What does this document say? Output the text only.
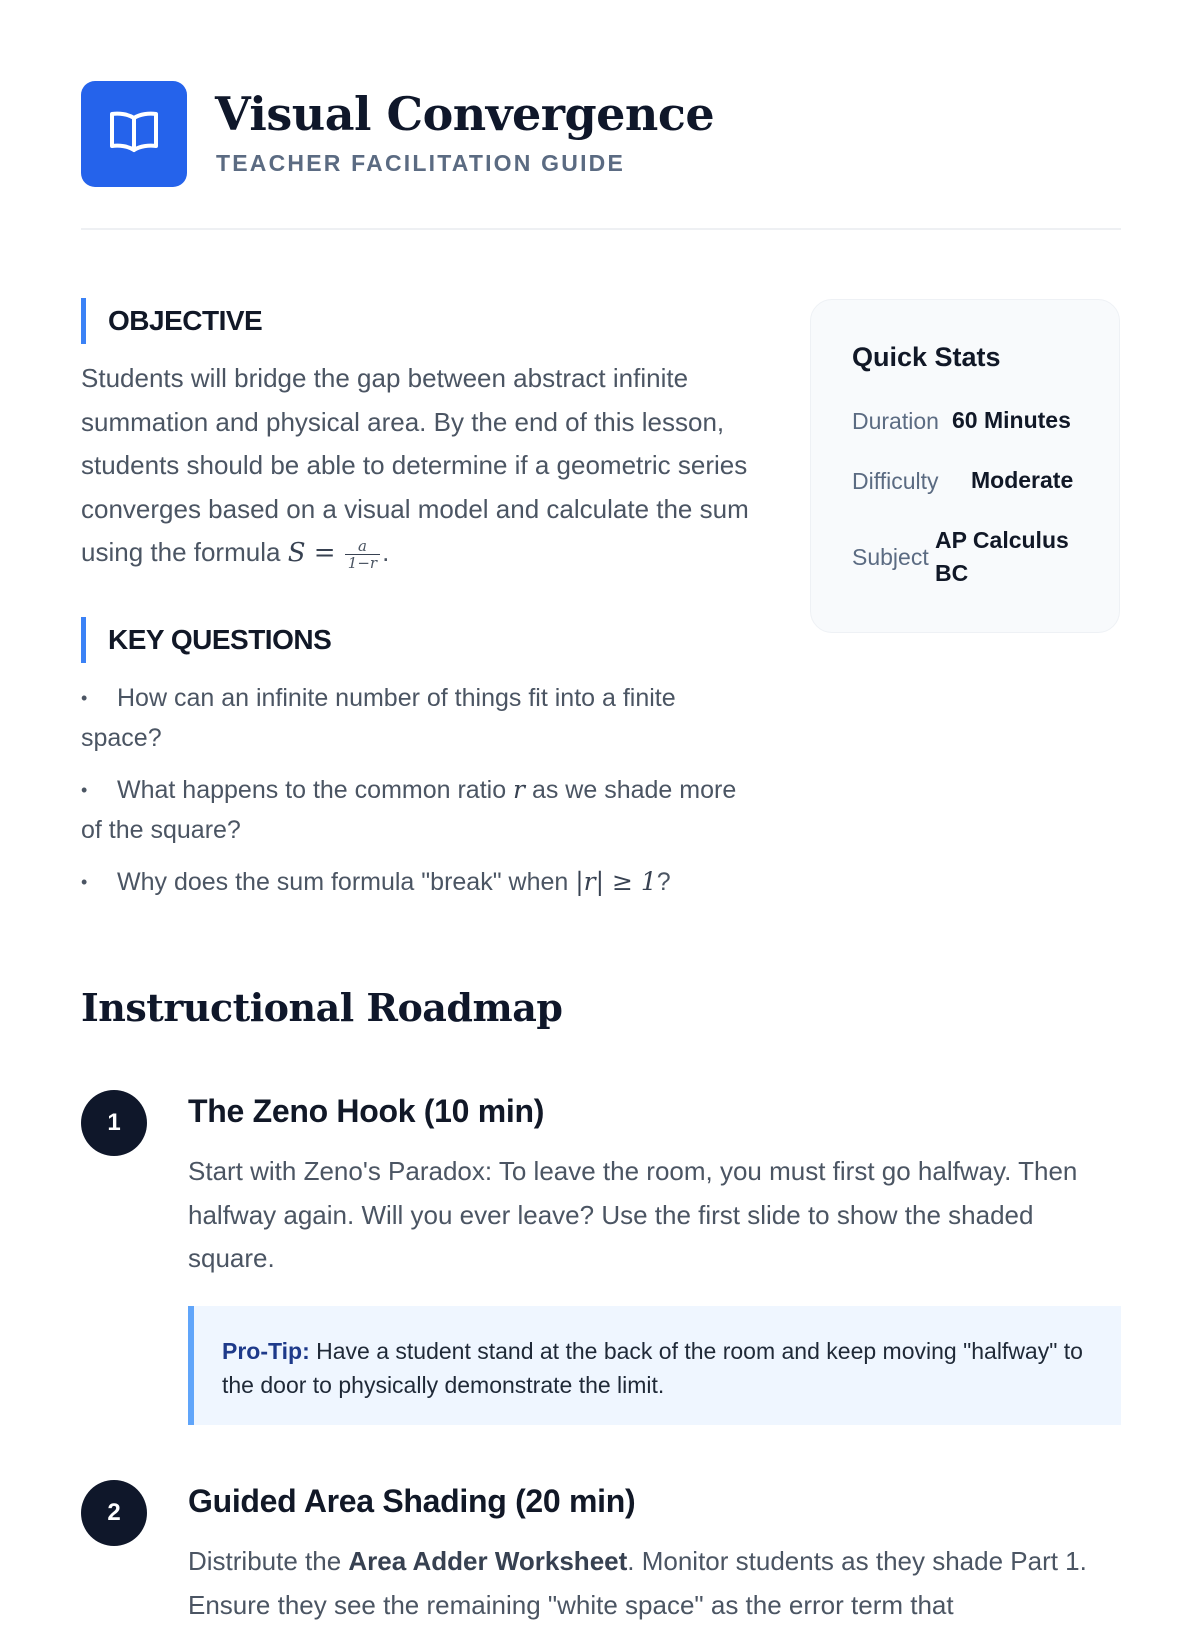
Visual Convergence
TEACHER FACILITATION GUIDE
OBJECTIVE
Students will bridge the gap between abstract infinite summation and physical area. By the end of this lesson, students should be able to determine if a geometric series converges based on a visual model and calculate the sum using the formula $S = \frac{a}{1-r}$ .
KEY QUESTIONS
• How can an infinite number of things fit into a finite space?
• What happens to the common ratio r as we shade more of the square?
• Why does the sum formula "break" when |r| ≥ 1?
Quick Stats
Duration 60 Minutes
Difficulty Moderate
Subject
AP Calculus
BC
Instructional Roadmap
1	The Zeno Hook (10 min)
Start with Zeno's Paradox: To leave the room, you must first go halfway. Then halfway again. Will you ever leave? Use the first slide to show the shaded square.
Pro-Tip: Have a student stand at the back of the room and keep moving "halfway" to the door to physically demonstrate the limit.
2	Guided Area Shading (20 min)
Distribute the Area Adder Worksheet. Monitor students as they shade Part 1. Ensure they see the remaining "white space" as the error term that
